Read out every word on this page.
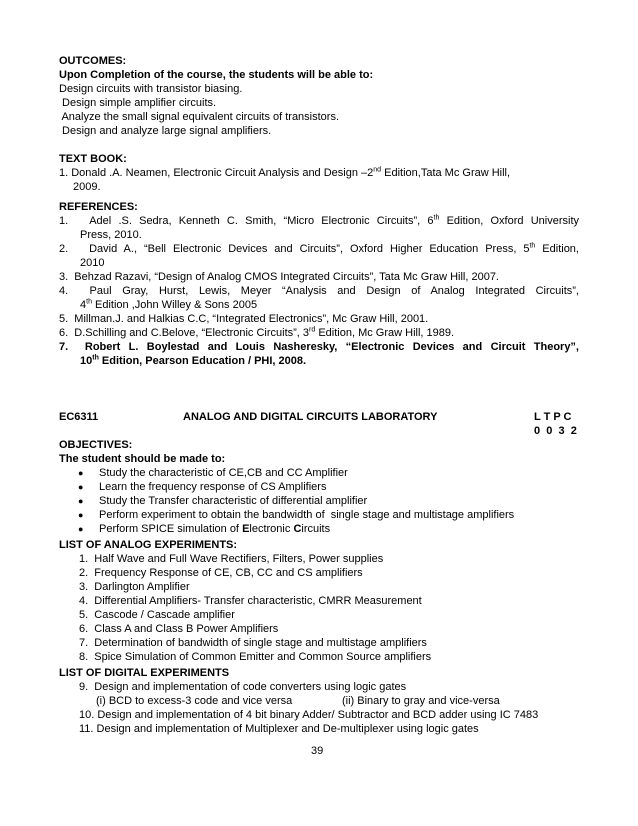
OUTCOMES:
Upon Completion of the course, the students will be able to:
Design circuits with transistor biasing.
Design simple amplifier circuits.
Analyze the small signal equivalent circuits of transistors.
Design and analyze large signal amplifiers.
TEXT BOOK:
1. Donald .A. Neamen, Electronic Circuit Analysis and Design –2nd Edition,Tata Mc Graw Hill,
2009.
REFERENCES:
1.   Adel .S. Sedra, Kenneth C. Smith, “Micro Electronic Circuits”, 6th Edition, Oxford University
Press, 2010.
2.   David A., “Bell Electronic Devices and Circuits”, Oxford Higher Education Press, 5th Edition,
2010
3.  Behzad Razavi, “Design of Analog CMOS Integrated Circuits”, Tata Mc Graw Hill, 2007.
4.  Paul Gray, Hurst, Lewis, Meyer “Analysis and Design of Analog Integrated Circuits”,
4th Edition ,John Willey & Sons 2005
5.  Millman.J. and Halkias C.C, “Integrated Electronics”, Mc Graw Hill, 2001.
6.  D.Schilling and C.Belove, “Electronic Circuits”, 3rd Edition, Mc Graw Hill, 1989.
7.  Robert L. Boylestad and Louis Nasheresky, “Electronic Devices and Circuit Theory”,
10th Edition, Pearson Education / PHI, 2008.
EC6311	ANALOG AND DIGITAL CIRCUITS LABORATORY	L T P C
0  0  3  2
OBJECTIVES:
The student should be made to:
● Study the characteristic of CE,CB and CC Amplifier
● Learn the frequency response of CS Amplifiers
● Study the Transfer characteristic of differential amplifier
● Perform experiment to obtain the bandwidth of  single stage and multistage amplifiers
● Perform SPICE simulation of Electronic Circuits
LIST OF ANALOG EXPERIMENTS:
1.  Half Wave and Full Wave Rectifiers, Filters, Power supplies
2.  Frequency Response of CE, CB, CC and CS amplifiers
3.  Darlington Amplifier
4.  Differential Amplifiers- Transfer characteristic, CMRR Measurement
5.  Cascode / Cascade amplifier
6.  Class A and Class B Power Amplifiers
7.  Determination of bandwidth of single stage and multistage amplifiers
8.  Spice Simulation of Common Emitter and Common Source amplifiers
LIST OF DIGITAL EXPERIMENTS
9.  Design and implementation of code converters using logic gates
(i) BCD to excess-3 code and vice versa	(ii) Binary to gray and vice-versa
10. Design and implementation of 4 bit binary Adder/ Subtractor and BCD adder using IC 7483
11. Design and implementation of Multiplexer and De-multiplexer using logic gates
39
